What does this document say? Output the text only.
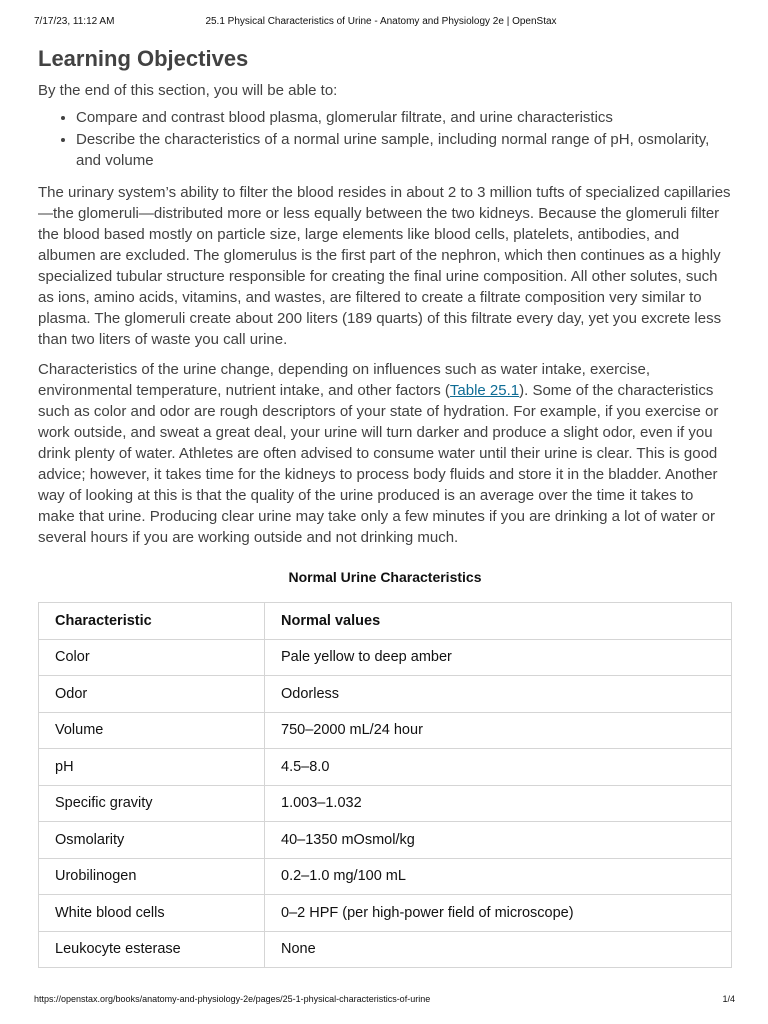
7/17/23, 11:12 AM	25.1 Physical Characteristics of Urine - Anatomy and Physiology 2e | OpenStax
Learning Objectives

By the end of this section, you will be able to:

• Compare and contrast blood plasma, glomerular filtrate, and urine characteristics
• Describe the characteristics of a normal urine sample, including normal range of pH, osmolarity, and volume

The urinary system’s ability to filter the blood resides in about 2 to 3 million tufts of specialized capillaries—the glomeruli—distributed more or less equally between the two kidneys. Because the glomeruli filter the blood based mostly on particle size, large elements like blood cells, platelets, antibodies, and albumen are excluded. The glomerulus is the first part of the nephron, which then continues as a highly specialized tubular structure responsible for creating the final urine composition. All other solutes, such as ions, amino acids, vitamins, and wastes, are filtered to create a filtrate composition very similar to plasma. The glomeruli create about 200 liters (189 quarts) of this filtrate every day, yet you excrete less than two liters of waste you call urine.

Characteristics of the urine change, depending on influences such as water intake, exercise, environmental temperature, nutrient intake, and other factors (Table 25.1). Some of the characteristics such as color and odor are rough descriptors of your state of hydration. For example, if you exercise or work outside, and sweat a great deal, your urine will turn darker and produce a slight odor, even if you drink plenty of water. Athletes are often advised to consume water until their urine is clear. This is good advice; however, it takes time for the kidneys to process body fluids and store it in the bladder. Another way of looking at this is that the quality of the urine produced is an average over the time it takes to make that urine. Producing clear urine may take only a few minutes if you are drinking a lot of water or several hours if you are working outside and not drinking much.

Normal Urine Characteristics
Characteristic	Normal values
Color	Pale yellow to deep amber
Odor	Odorless
Volume	750–2000 mL/24 hour
pH	4.5–8.0
Specific gravity	1.003–1.032
Osmolarity	40–1350 mOsmol/kg
Urobilinogen	0.2–1.0 mg/100 mL
White blood cells	0–2 HPF (per high-power field of microscope)
Leukocyte esterase	None
https://openstax.org/books/anatomy-and-physiology-2e/pages/25-1-physical-characteristics-of-urine	1/4
